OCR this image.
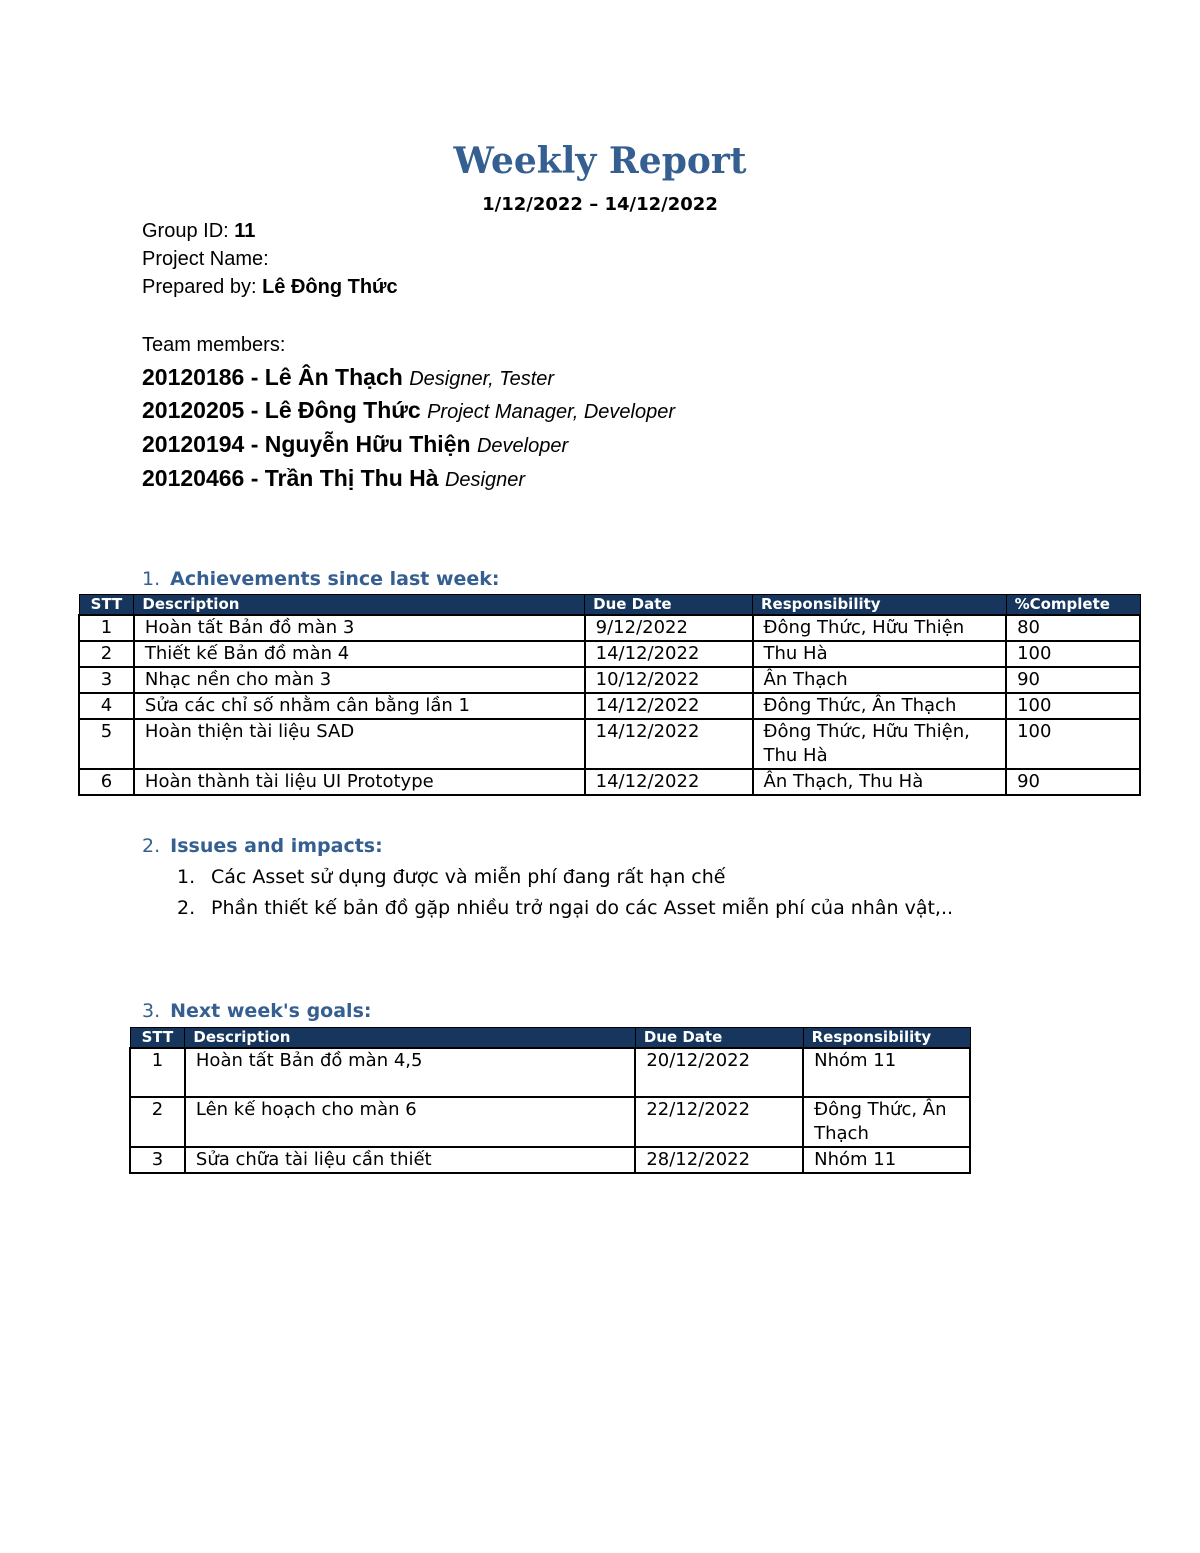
Weekly Report
1/12/2022 – 14/12/2022
Group ID: 11
Project Name:
Prepared by: Lê Đông Thức
Team members:
20120186 - Lê Ân Thạch Designer, Tester
20120205 - Lê Đông Thức Project Manager, Developer
20120194 - Nguyễn Hữu Thiện Developer
20120466 - Trần Thị Thu Hà Designer
1. Achievements since last week:
STT	Description	Due Date	Responsibility	%Complete
1	Hoàn tất Bản đồ màn 3	9/12/2022	Đông Thức, Hữu Thiện	80
2	Thiết kế Bản đồ màn 4	14/12/2022	Thu Hà	100
3	Nhạc nền cho màn 3	10/12/2022	Ân Thạch	90
4	Sửa các chỉ số nhằm cân bằng lần 1	14/12/2022	Đông Thức, Ân Thạch	100
5	Hoàn thiện tài liệu SAD	14/12/2022	Đông Thức, Hữu Thiện, Thu Hà	100
6	Hoàn thành tài liệu UI Prototype	14/12/2022	Ân Thạch, Thu Hà	90
2. Issues and impacts:
1. Các Asset sử dụng được và miễn phí đang rất hạn chế
2. Phần thiết kế bản đồ gặp nhiều trở ngại do các Asset miễn phí của nhân vật,..
3. Next week's goals:
STT	Description	Due Date	Responsibility
1	Hoàn tất Bản đồ màn 4,5	20/12/2022	Nhóm 11
2	Lên kế hoạch cho màn 6	22/12/2022	Đông Thức, Ân Thạch
3	Sửa chữa tài liệu cần thiết	28/12/2022	Nhóm 11
